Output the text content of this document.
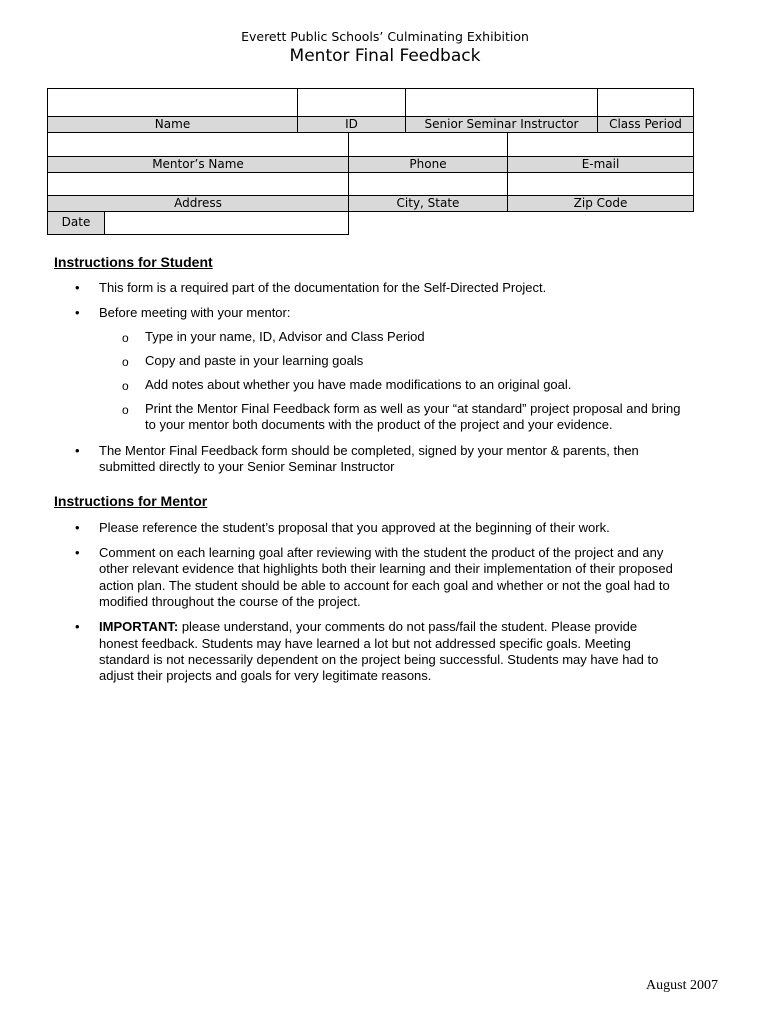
Everett Public Schools’ Culminating Exhibition
Mentor Final Feedback
Name	ID	Senior Seminar Instructor	Class Period
Mentor’s Name	Phone	E-mail
Address	City, State	Zip Code
Date
Instructions for Student
• This form is a required part of the documentation for the Self-Directed Project.
• Before meeting with your mentor:
o Type in your name, ID, Advisor and Class Period
o Copy and paste in your learning goals
o Add notes about whether you have made modifications to an original goal.
o Print the Mentor Final Feedback form as well as your “at standard” project proposal and bring
to your mentor both documents with the product of the project and your evidence.
• The Mentor Final Feedback form should be completed, signed by your mentor & parents, then
submitted directly to your Senior Seminar Instructor
Instructions for Mentor
• Please reference the student’s proposal that you approved at the beginning of their work.
• Comment on each learning goal after reviewing with the student the product of the project and any
other relevant evidence that highlights both their learning and their implementation of their proposed
action plan. The student should be able to account for each goal and whether or not the goal had to
modified throughout the course of the project.
• IMPORTANT: please understand, your comments do not pass/fail the student. Please provide
honest feedback. Students may have learned a lot but not addressed specific goals. Meeting
standard is not necessarily dependent on the project being successful. Students may have had to
adjust their projects and goals for very legitimate reasons.
August 2007
